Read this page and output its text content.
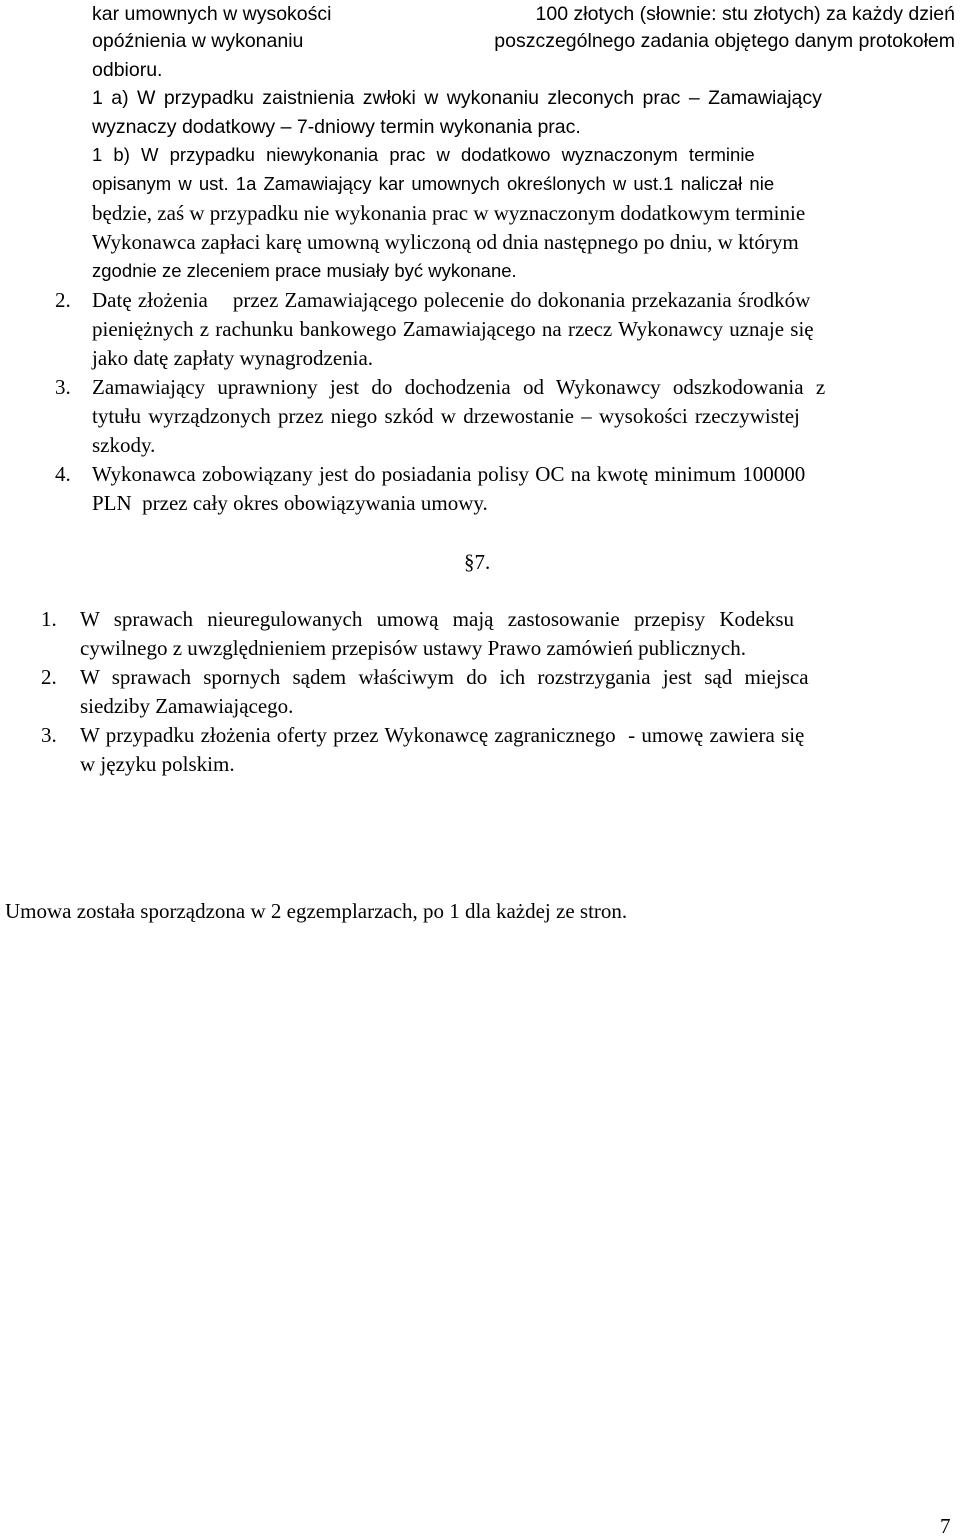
kar umownych w wysokości	100 złotych (słownie: stu złotych) za każdy dzień
opóźnienia w wykonaniu	poszczególnego zadania objętego danym protokołem
odbioru.
1 a) W przypadku zaistnienia zwłoki w wykonaniu zleconych prac – Zamawiający
wyznaczy dodatkowy – 7-dniowy termin wykonania prac.
1 b) W przypadku niewykonania prac w dodatkowo wyznaczonym terminie
opisanym w ust. 1a Zamawiający kar umownych określonych w ust.1 naliczał nie
będzie, zaś w przypadku nie wykonania prac w wyznaczonym dodatkowym terminie
Wykonawca zapłaci karę umowną wyliczoną od dnia następnego po dniu, w którym
zgodnie ze zleceniem prace musiały być wykonane.
2. Datę złożenia    przez Zamawiającego polecenie do dokonania przekazania środków
pieniężnych z rachunku bankowego Zamawiającego na rzecz Wykonawcy uznaje się
jako datę zapłaty wynagrodzenia.
3. Zamawiający uprawniony jest do dochodzenia od Wykonawcy odszkodowania z
tytułu wyrządzonych przez niego szkód w drzewostanie – wysokości rzeczywistej
szkody.
4. Wykonawca zobowiązany jest do posiadania polisy OC na kwotę minimum 100000
PLN  przez cały okres obowiązywania umowy.
§7.
1. W sprawach nieuregulowanych umową mają zastosowanie przepisy Kodeksu
cywilnego z uwzględnieniem przepisów ustawy Prawo zamówień publicznych.
2. W sprawach spornych sądem właściwym do ich rozstrzygania jest sąd miejsca
siedziby Zamawiającego.
3. W przypadku złożenia oferty przez Wykonawcę zagranicznego  - umowę zawiera się
w języku polskim.
Umowa została sporządzona w 2 egzemplarzach, po 1 dla każdej ze stron.
7
